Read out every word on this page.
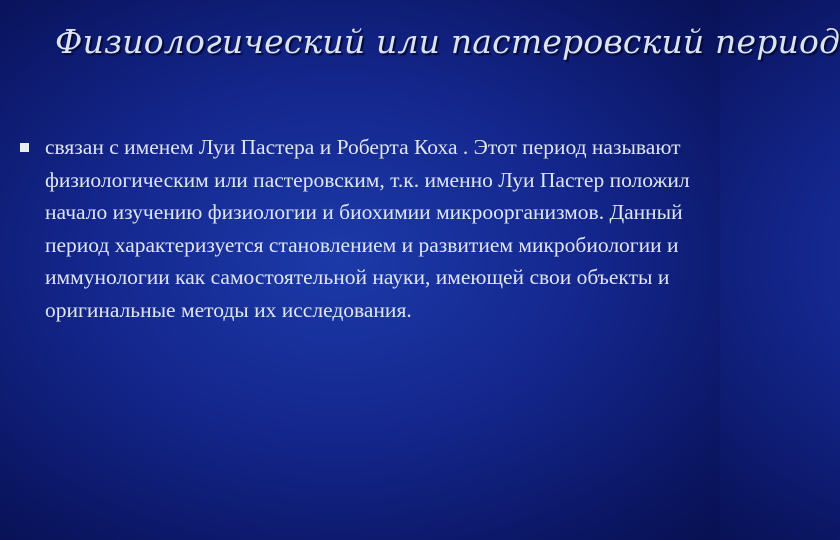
Физиологический или пастеровский период
связан с именем Луи Пастера и Роберта Коха . Этот период называют физиологическим или пастеровским, т.к. именно Луи Пастер положил начало изучению физиологии и биохимии микроорганизмов. Данный период характеризуется становлением и развитием микробиологии и иммунологии как самостоятельной науки, имеющей свои объекты и оригинальные методы их исследования.
